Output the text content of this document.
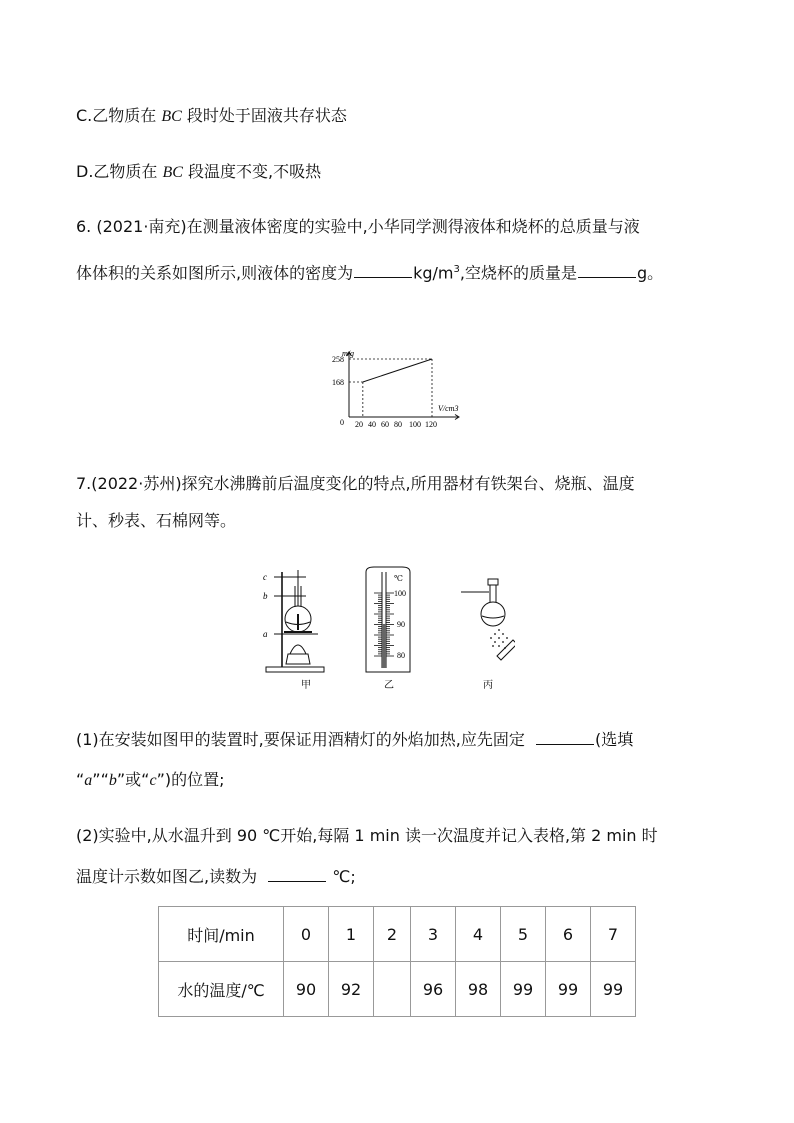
C.乙物质在 BC 段时处于固液共存状态
D.乙物质在 BC 段温度不变,不吸热
6. (2021·南充)在测量液体密度的实验中,小华同学测得液体和烧杯的总质量与液
体体积的关系如图所示,则液体的密度为	$kg/m^3$,空烧杯的质量是	g。
m/g
V/cm3
0
168
258
20 40 60 80 100 120
7.(2022·苏州)探究水沸腾前后温度变化的特点,所用器材有铁架台、烧瓶、温度
计、秒表、石棉网等。
c
b
a
甲
℃
100
90
80
乙	丙
(1)在安装如图甲的装置时,要保证用酒精灯的外焰加热,应先固定	(选填
“a”“b”或“c”)的位置;
(2)实验中,从水温升到 90 ℃开始,每隔 1 min 读一次温度并记入表格,第 2 min 时
温度计示数如图乙,读数为	℃;
时间/min	0	1	2	3	4	5	6	7
水的温度/℃	90	92		96	98	99	99	99
